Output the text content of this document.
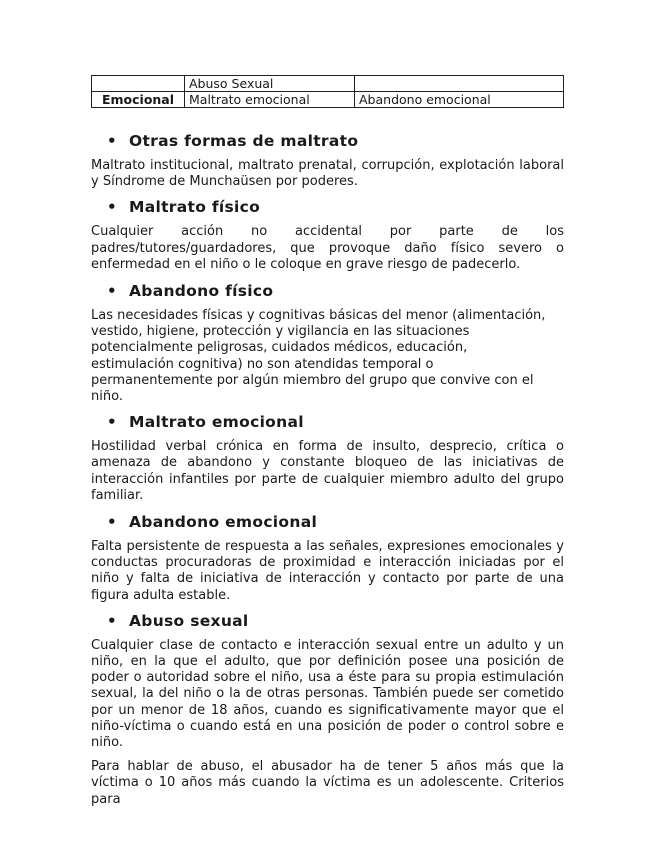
	Abuso Sexual	
Emocional	Maltrato emocional	Abandono emocional
• Otras formas de maltrato

Maltrato institucional, maltrato prenatal, corrupción, explotación laboral y Síndrome de Munchaüsen por poderes.

• Maltrato físico

Cualquier acción no accidental por parte de los padres/tutores/guardadores, que provoque daño físico severo o enfermedad en el niño o le coloque en grave riesgo de padecerlo.

• Abandono físico

Las necesidades físicas y cognitivas básicas del menor (alimentación, vestido, higiene, protección y vigilancia en las situaciones potencialmente peligrosas, cuidados médicos, educación, estimulación cognitiva) no son atendidas temporal o permanentemente por algún miembro del grupo que convive con el niño.

• Maltrato emocional

Hostilidad verbal crónica en forma de insulto, desprecio, crítica o amenaza de abandono y constante bloqueo de las iniciativas de interacción infantiles por parte de cualquier miembro adulto del grupo familiar.

• Abandono emocional

Falta persistente de respuesta a las señales, expresiones emocionales y conductas procuradoras de proximidad e interacción iniciadas por el niño y falta de iniciativa de interacción y contacto por parte de una figura adulta estable.

• Abuso sexual

Cualquier clase de contacto e interacción sexual entre un adulto y un niño, en la que el adulto, que por definición posee una posición de poder o autoridad sobre el niño, usa a éste para su propia estimulación sexual, la del niño o la de otras personas. También puede ser cometido por un menor de 18 años, cuando es significativamente mayor que el niño-víctima o cuando está en una posición de poder o control sobre e niño.

Para hablar de abuso, el abusador ha de tener 5 años más que la víctima o 10 años más cuando la víctima es un adolescente. Criterios para
